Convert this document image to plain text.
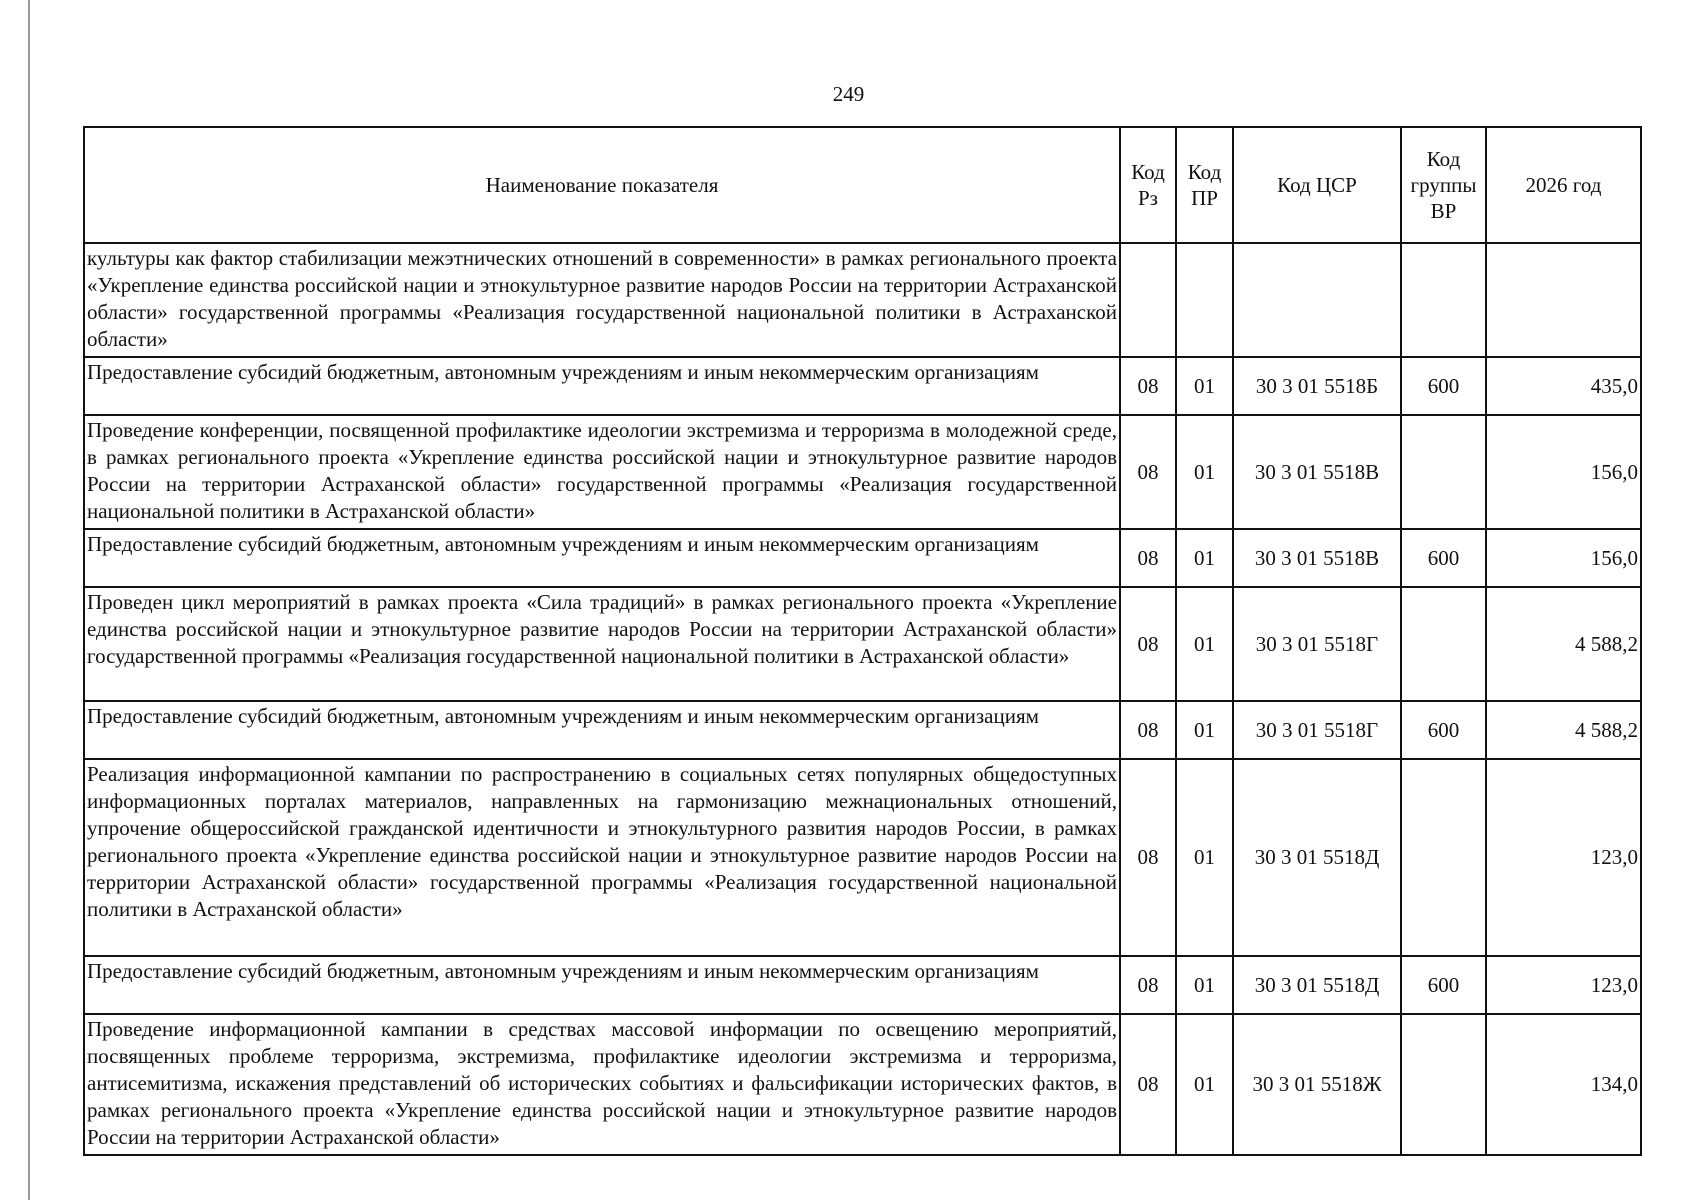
249
Наименование показателя	Код Рз	Код ПР	Код ЦСР	Код группы ВР	2026 год
культуры как фактор стабилизации межэтнических отношений в современности» в рамках регионального проекта «Укрепление единства российской нации и этнокультурное развитие народов России на территории Астраханской области» государственной программы «Реализация государственной национальной политики в Астраханской области»					
Предоставление субсидий бюджетным, автономным учреждениям и иным некоммерческим организациям	08	01	30 3 01 5518Б	600	435,0
Проведение конференции, посвященной профилактике идеологии экстремизма и терроризма в молодежной среде, в рамках регионального проекта «Укрепление единства российской нации и этнокультурное развитие народов России на территории Астраханской области» государственной программы «Реализация государственной национальной политики в Астраханской области»	08	01	30 3 01 5518В		156,0
Предоставление субсидий бюджетным, автономным учреждениям и иным некоммерческим организациям	08	01	30 3 01 5518В	600	156,0
Проведен цикл мероприятий в рамках проекта «Сила традиций» в рамках регионального проекта «Укрепление единства российской нации и этнокультурное развитие народов России на территории Астраханской области» государственной программы «Реализация государственной национальной политики в Астраханской области»	08	01	30 3 01 5518Г		4 588,2
Предоставление субсидий бюджетным, автономным учреждениям и иным некоммерческим организациям	08	01	30 3 01 5518Г	600	4 588,2
Реализация информационной кампании по распространению в социальных сетях популярных общедоступных информационных порталах материалов, направленных на гармонизацию межнациональных отношений, упрочение общероссийской гражданской идентичности и этнокультурного развития народов России, в рамках регионального проекта «Укрепление единства российской нации и этнокультурное развитие народов России на территории Астраханской области» государственной программы «Реализация государственной национальной политики в Астраханской области»	08	01	30 3 01 5518Д		123,0
Предоставление субсидий бюджетным, автономным учреждениям и иным некоммерческим организациям	08	01	30 3 01 5518Д	600	123,0
Проведение информационной кампании в средствах массовой информации по освещению мероприятий, посвященных проблеме терроризма, экстремизма, профилактике идеологии экстремизма и терроризма, антисемитизма, искажения представлений об исторических событиях и фальсификации исторических фактов, в рамках регионального проекта «Укрепление единства российской нации и этнокультурное развитие народов России на территории Астраханской области»	08	01	30 3 01 5518Ж		134,0
